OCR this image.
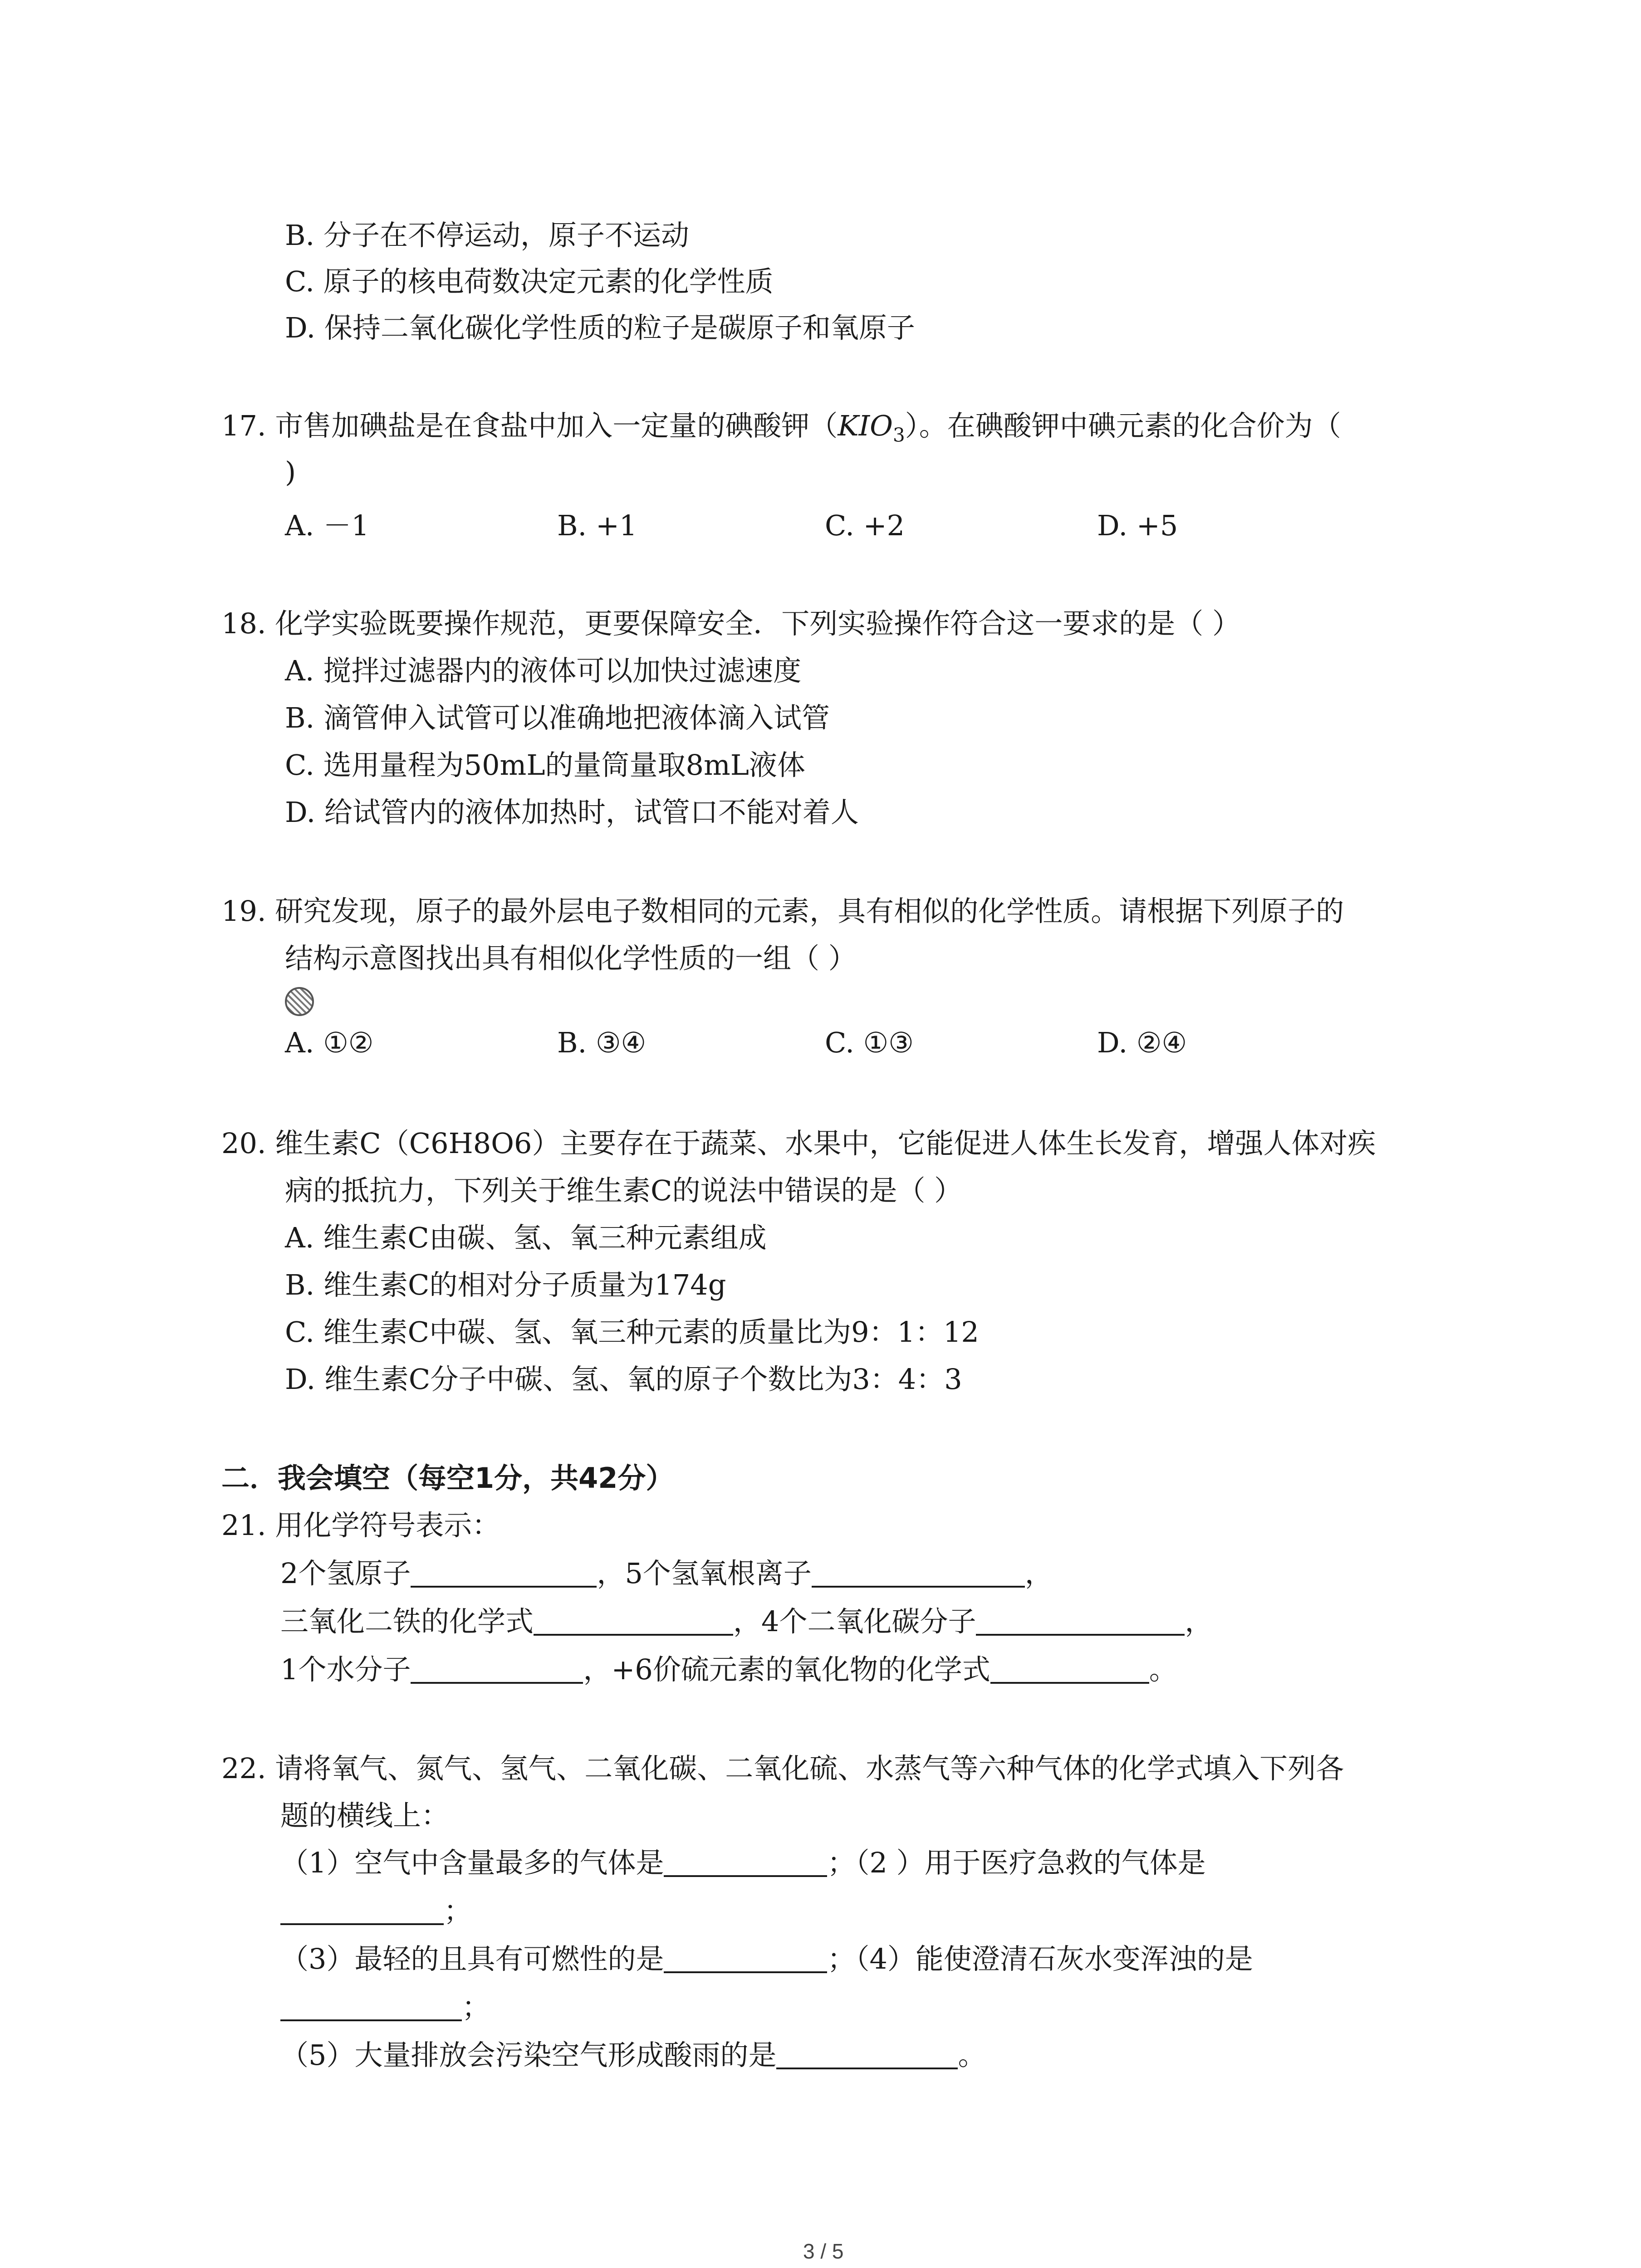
B. 分子在不停运动，原子不运动
C. 原子的核电荷数决定元素的化学性质
D. 保持二氧化碳化学性质的粒子是碳原子和氧原子
17. 市售加碘盐是在食盐中加入一定量的碘酸钾$(KIO_3)$。在碘酸钾中碘元素的化合价为（
)
A. －1	B. +1	C. +2	D. +5
18. 化学实验既要操作规范，更要保障安全．下列实验操作符合这一要求的是（ ）
A. 搅拌过滤器内的液体可以加快过滤速度
B. 滴管伸入试管可以准确地把液体滴入试管
C. 选用量程为50mL的量筒量取8mL液体
D. 给试管内的液体加热时，试管口不能对着人
19. 研究发现，原子的最外层电子数相同的元素，具有相似的化学性质。请根据下列原子的
结构示意图找出具有相似化学性质的一组（ ）
A. ①②	B. ③④	C. ①③	D. ②④
20. 维生素C（C6H8O6）主要存在于蔬菜、水果中，它能促进人体生长发育，增强人体对疾
病的抵抗力，下列关于维生素C的说法中错误的是（ ）
A. 维生素C由碳、氢、氧三种元素组成
B. 维生素C的相对分子质量为174g
C. 维生素C中碳、氢、氧三种元素的质量比为9：1：12
D. 维生素C分子中碳、氢、氧的原子个数比为3：4：3
二．我会填空（每空1分，共42分）
21. 用化学符号表示：
2个氢原子	，5个氢氧根离子	，
三氧化二铁的化学式	，4个二氧化碳分子	，
1个水分子	，+6价硫元素的氧化物的化学式	。
22. 请将氧气、氮气、氢气、二氧化碳、二氧化硫、水蒸气等六种气体的化学式填入下列各
题的横线上：
（1）空气中含量最多的气体是	；（2 ）用于医疗急救的气体是
；
（3）最轻的且具有可燃性的是	；（4）能使澄清石灰水变浑浊的是
；
（5）大量排放会污染空气形成酸雨的是	。
3 / 5
